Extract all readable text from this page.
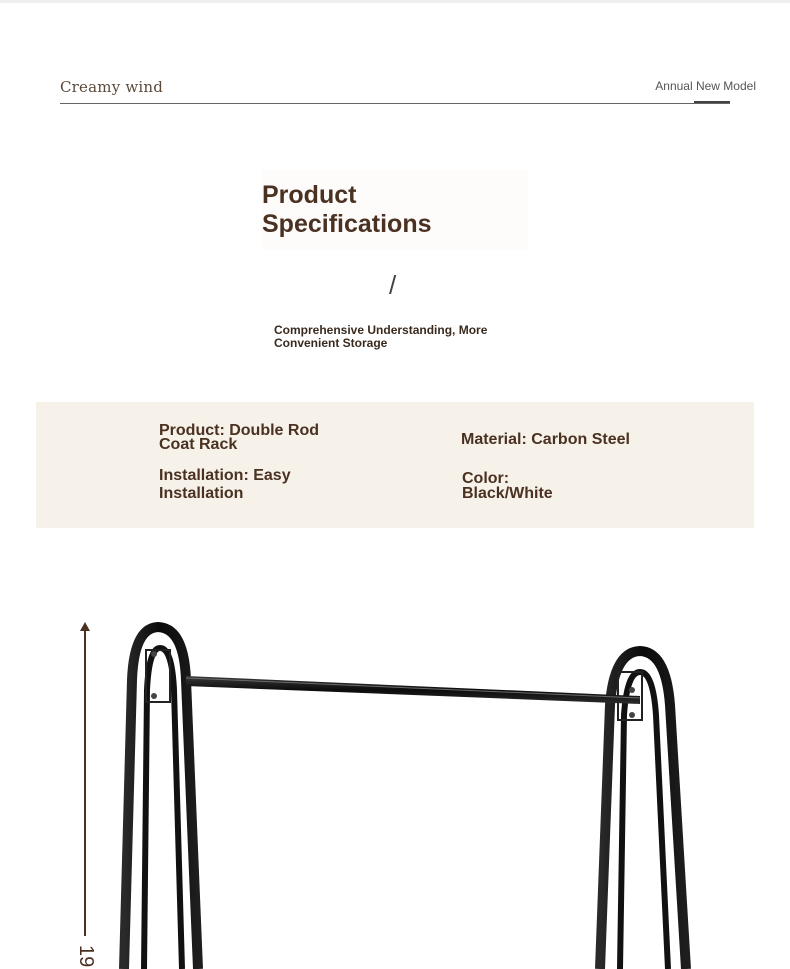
Creamy wind	Annual New Model
Product Specifications
/
Comprehensive Understanding, More Convenient Storage
Product: Double Rod Coat Rack	Material: Carbon Steel
Installation: Easy Installation
Color: Black/White
19
